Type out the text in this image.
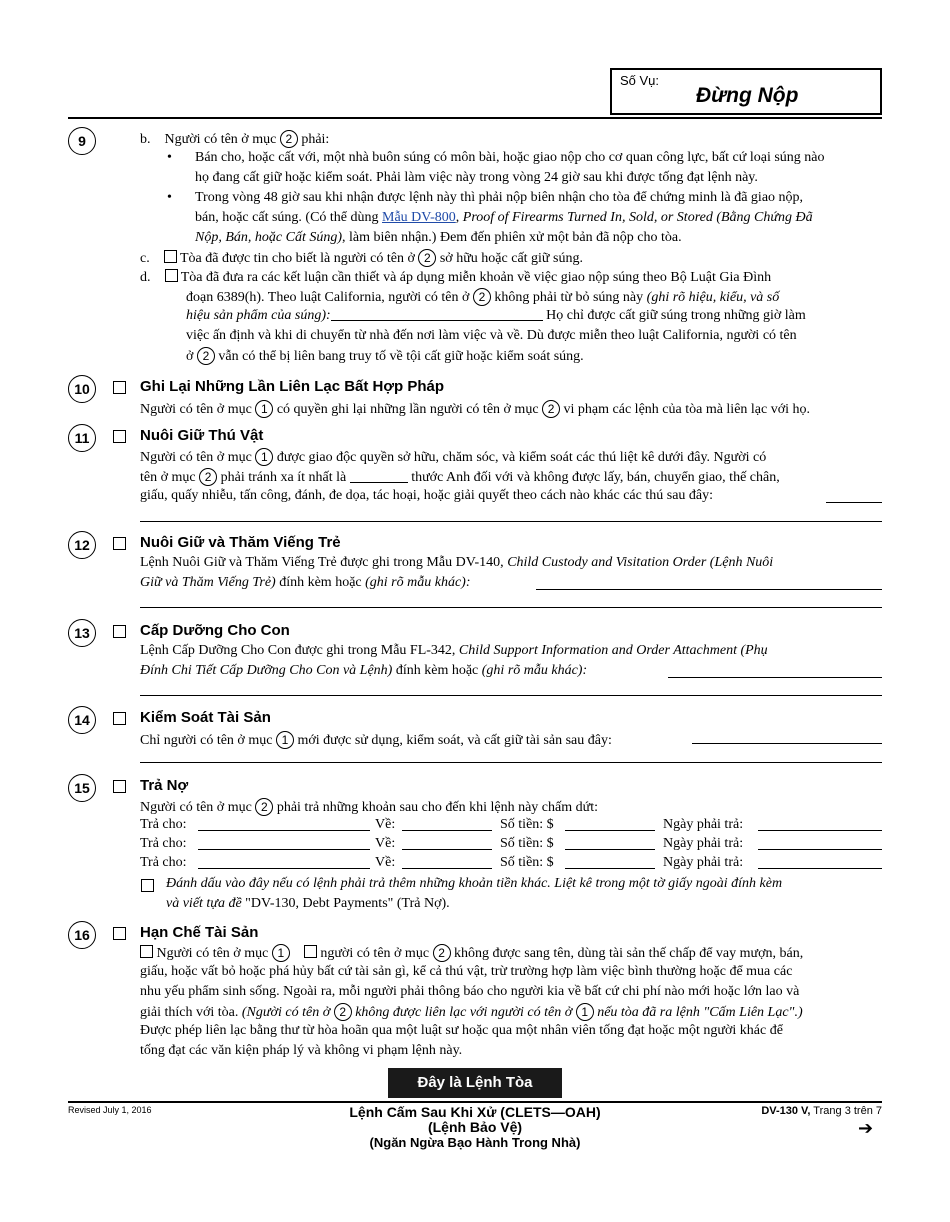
Số Vụ:
Đừng Nộp
9	b. Người có tên ở mục 2 phải:
• Bán cho, hoặc cất với, một nhà buôn súng có môn bài, hoặc giao nộp cho cơ quan công lực, bất cứ loại súng nào
họ đang cất giữ hoặc kiểm soát. Phải làm việc này trong vòng 24 giờ sau khi được tống đạt lệnh này.
• Trong vòng 48 giờ sau khi nhận được lệnh này thì phải nộp biên nhận cho tòa để chứng minh là đã giao nộp,
bán, hoặc cất súng. (Có thể dùng Mẫu DV-800, Proof of Firearms Turned In, Sold, or Stored (Bằng Chứng Đã
Nộp, Bán, hoặc Cất Súng), làm biên nhận.) Đem đến phiên xử một bản đã nộp cho tòa.
c. Tòa đã được tin cho biết là người có tên ở 2 sở hữu hoặc cất giữ súng.
d. Tòa đã đưa ra các kết luận cần thiết và áp dụng miễn khoản về việc giao nộp súng theo Bộ Luật Gia Đình
đoạn 6389(h). Theo luật California, người có tên ở 2 không phải từ bỏ súng này (ghi rõ hiệu, kiểu, và số
hiệu sản phẩm của súng):	Họ chỉ được cất giữ súng trong những giờ làm
việc ấn định và khi di chuyển từ nhà đến nơi làm việc và về. Dù được miễn theo luật California, người có tên
ở 2 vẫn có thể bị liên bang truy tố về tội cất giữ hoặc kiểm soát súng.
10	Ghi Lại Những Lần Liên Lạc Bất Hợp Pháp
Người có tên ở mục 1 có quyền ghi lại những lần người có tên ở mục 2 vi phạm các lệnh của tòa mà liên lạc với họ.
11	Nuôi Giữ Thú Vật
Người có tên ở mục 1 được giao độc quyền sở hữu, chăm sóc, và kiểm soát các thú liệt kê dưới đây. Người có
tên ở mục 2 phải tránh xa ít nhất là	thước Anh đối với và không được lấy, bán, chuyển giao, thế chân,
giấu, quấy nhiễu, tấn công, đánh, đe dọa, tác hoại, hoặc giải quyết theo cách nào khác các thú sau đây:
12	Nuôi Giữ và Thăm Viếng Trẻ
Lệnh Nuôi Giữ và Thăm Viếng Trẻ được ghi trong Mẫu DV-140, Child Custody and Visitation Order (Lệnh Nuôi
Giữ và Thăm Viếng Trẻ) đính kèm hoặc (ghi rõ mẫu khác):
13	Cấp Dưỡng Cho Con
Lệnh Cấp Dưỡng Cho Con được ghi trong Mẫu FL-342, Child Support Information and Order Attachment (Phụ
Đính Chi Tiết Cấp Dưỡng Cho Con và Lệnh) đính kèm hoặc (ghi rõ mẫu khác):
14	Kiểm Soát Tài Sản
Chỉ người có tên ở mục 1 mới được sử dụng, kiểm soát, và cất giữ tài sản sau đây:
15	Trả Nợ
Người có tên ở mục 2 phải trả những khoản sau cho đến khi lệnh này chấm dứt:
Trả cho:	Về:	Số tiền: $	Ngày phải trả:
Trả cho:	Về:	Số tiền: $	Ngày phải trả:
Trả cho:	Về:	Số tiền: $	Ngày phải trả:
Đánh dấu vào đây nếu có lệnh phải trả thêm những khoản tiền khác. Liệt kê trong một tờ giấy ngoài đính kèm
và viết tựa đề "DV-130, Debt Payments" (Trả Nợ).
16	Hạn Chế Tài Sản
Người có tên ở mục 1	người có tên ở mục 2 không được sang tên, dùng tài sản thế chấp để vay mượn, bán,
giấu, hoặc vất bỏ hoặc phá hủy bất cứ tài sản gì, kể cả thú vật, trừ trường hợp làm việc bình thường hoặc để mua các
nhu yếu phẩm sinh sống. Ngoài ra, mỗi người phải thông báo cho người kia về bất cứ chi phí nào mới hoặc lớn lao và
giải thích với tòa. (Người có tên ở 2 không được liên lạc với người có tên ở 1 nếu tòa đã ra lệnh "Cấm Liên Lạc".)
Được phép liên lạc bằng thư từ hòa hoãn qua một luật sư hoặc qua một nhân viên tống đạt hoặc một người khác để
tống đạt các văn kiện pháp lý và không vi phạm lệnh này.
Đây là Lệnh Tòa
Revised July 1, 2016	Lệnh Cấm Sau Khi Xử (CLETS—OAH)
(Lệnh Bảo Vệ)
(Ngăn Ngừa Bạo Hành Trong Nhà)
DV-130 V, Trang 3 trên 7
➔
